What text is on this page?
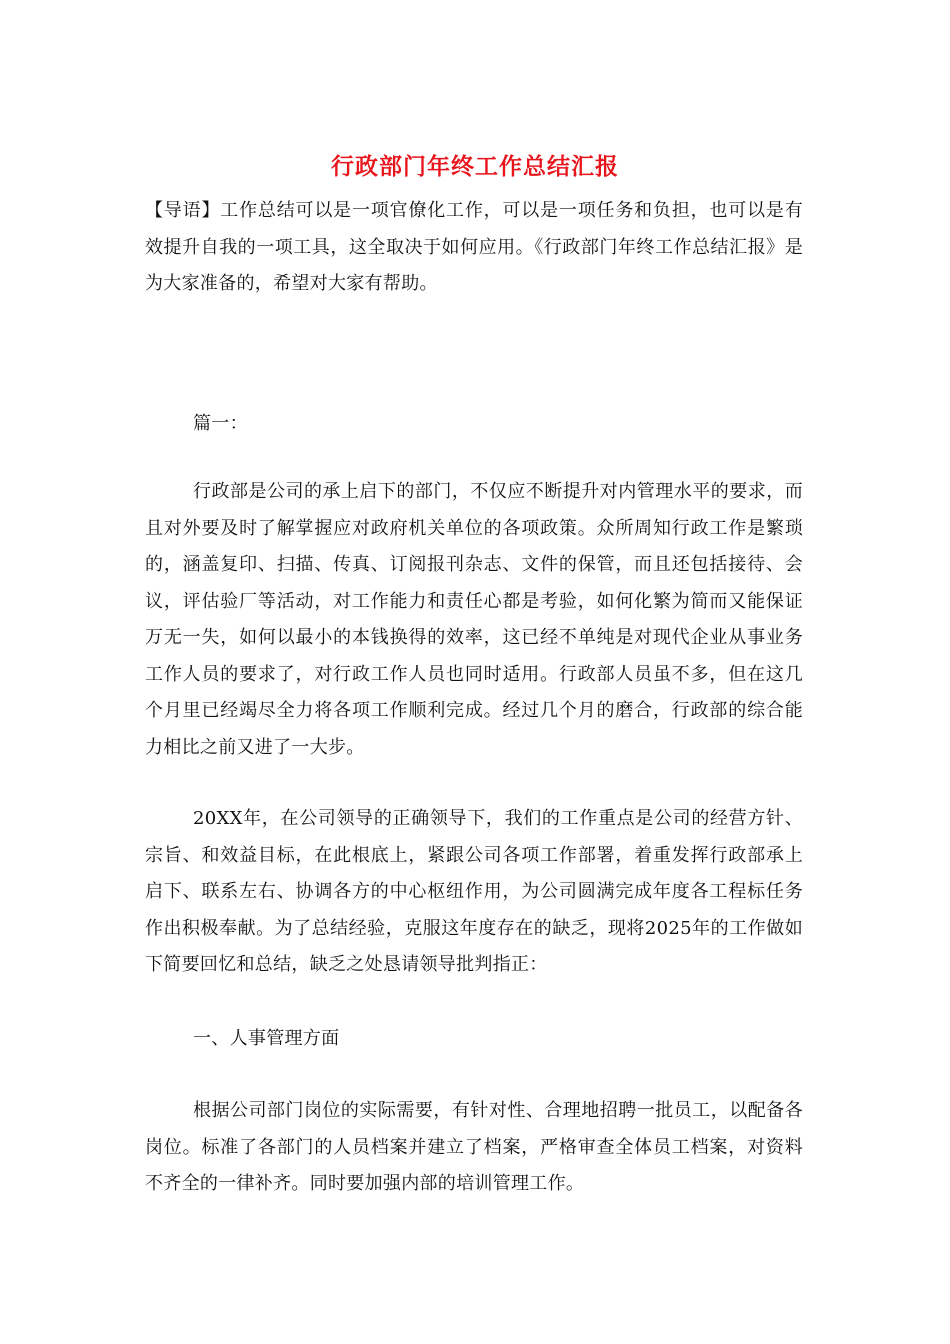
行政部门年终工作总结汇报

【导语】工作总结可以是一项官僚化工作，可以是一项任务和负担，也可以是有效提升自我的一项工具，这全取决于如何应用。《行政部门年终工作总结汇报》是为大家准备的，希望对大家有帮助。

篇一：

行政部是公司的承上启下的部门，不仅应不断提升对内管理水平的要求，而且对外要及时了解掌握应对政府机关单位的各项政策。众所周知行政工作是繁琐的，涵盖复印、扫描、传真、订阅报刊杂志、文件的保管，而且还包括接待、会议，评估验厂等活动，对工作能力和责任心都是考验，如何化繁为简而又能保证万无一失，如何以最小的本钱换得的效率，这已经不单纯是对现代企业从事业务工作人员的要求了，对行政工作人员也同时适用。行政部人员虽不多，但在这几个月里已经竭尽全力将各项工作顺利完成。经过几个月的磨合，行政部的综合能力相比之前又进了一大步。

20XX年，在公司领导的正确领导下，我们的工作重点是公司的经营方针、宗旨、和效益目标，在此根底上，紧跟公司各项工作部署，着重发挥行政部承上启下、联系左右、协调各方的中心枢纽作用，为公司圆满完成年度各工程标任务作出积极奉献。为了总结经验，克服这年度存在的缺乏，现将2025年的工作做如下简要回忆和总结，缺乏之处恳请领导批判指正：

一、人事管理方面

根据公司部门岗位的实际需要，有针对性、合理地招聘一批员工，以配备各岗位。标准了各部门的人员档案并建立了档案，严格审查全体员工档案，对资料不齐全的一律补齐。同时要加强内部的培训管理工作。
